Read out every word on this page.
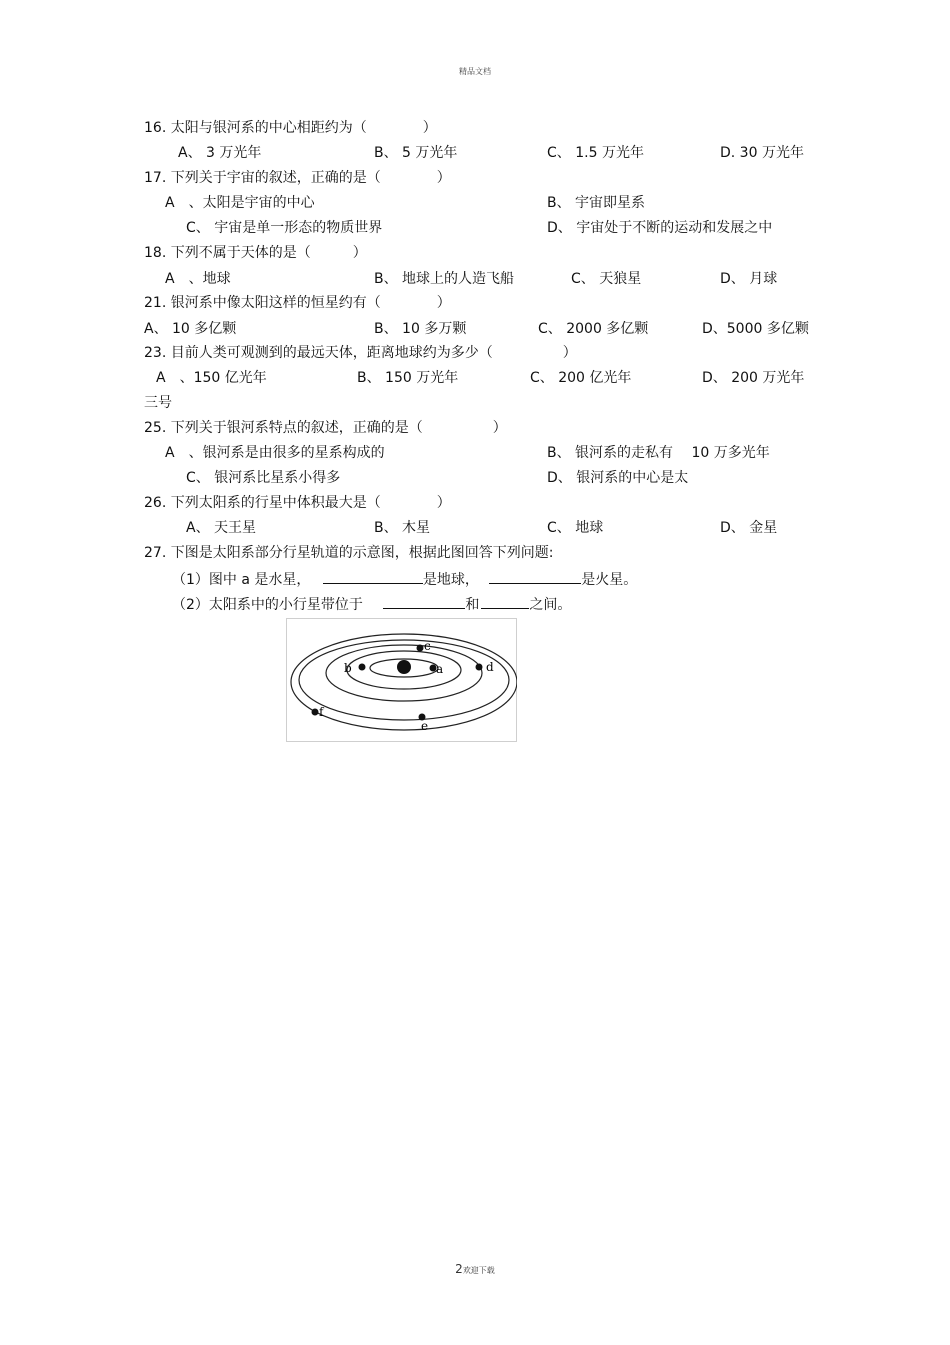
精品文档
16. 太阳与银河系的中心相距约为（　　　　）
A、 3 万光年	B、 5 万光年	C、 1.5 万光年	D. 30 万光年
17. 下列关于宇宙的叙述，正确的是（　　　　）
A　、太阳是宇宙的中心	B、 宇宙即星系
C、 宇宙是单一形态的物质世界	D、 宇宙处于不断的运动和发展之中
18. 下列不属于天体的是（　　　）
A　、地球	B、 地球上的人造飞船	C、 天狼星	D、 月球
21. 银河系中像太阳这样的恒星约有（　　　　）
A、 10 多亿颗	B、 10 多万颗	C、 2000 多亿颗	D、5000 多亿颗
23. 目前人类可观测到的最远天体，距离地球约为多少（　　　　　）
A　、150 亿光年	B、 150 万光年	C、 200 亿光年	D、 200 万光年
三号
25. 下列关于银河系特点的叙述，正确的是（　　　　　）
A　、银河系是由很多的星系构成的	B、 银河系的走私有　 10 万多光年
C、 银河系比星系小得多	D、 银河系的中心是太
26. 下列太阳系的行星中体积最大是（　　　　）
A、 天王星	B、 木星	C、 地球	D、 金星
27. 下图是太阳系部分行星轨道的示意图，根据此图回答下列问题:
（1）图中 a 是水星，	是地球，	是火星。
（2）太阳系中的小行星带位于	和	之间。
a
b
c
d
e
f
2欢迎下载
